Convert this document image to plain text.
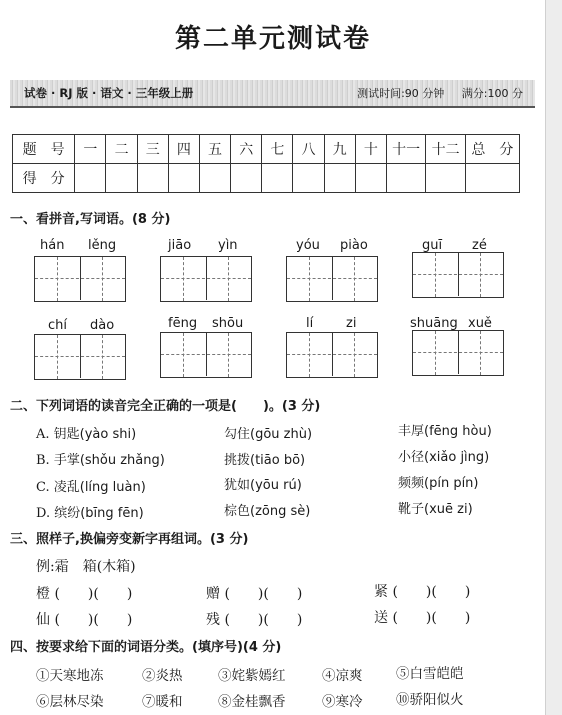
第二单元测试卷
试卷 · RJ 版 · 语文 · 三年级上册	测试时间:90 分钟 满分:100 分
题　号	一	二	三	四	五	六	七	八	九	十	十一	十二	总　分
得　分													
一、看拼音,写词语。(8 分)
hán lěng	jiāo yìn	yóu piào	guī zé
chí dào	fēng shōu	lí	zi	shuāng xuě
二、下列词语的读音完全正确的一项是(　　)。(3 分)
A. 钥匙(yào shi)	勾住(gōu zhù)	丰厚(fēng hòu)
B. 手掌(shǒu zhǎng)	挑拨(tiāo bō)	小径(xiǎo jìng)
C. 凌乱(líng luàn)	犹如(yōu rú)	频频(pín pín)
D. 缤纷(bīng fēn)	棕色(zōng sè)	靴子(xuē zi)
三、照样子,换偏旁变新字再组词。(3 分)
例:霜　箱(木箱)
橙 (　　)(　　)	赠 (　　)(　　)	紧 (　　)(　　)
仙 (　　)(　　)	残 (　　)(　　)	送 (　　)(　　)
四、按要求给下面的词语分类。(填序号)(4 分)
①天寒地冻	②炎热	③姹紫嫣红	④凉爽 ⑤白雪皑皑
⑥层林尽染	⑦暖和	⑧金桂飘香	⑨寒冷 ⑩骄阳似火
